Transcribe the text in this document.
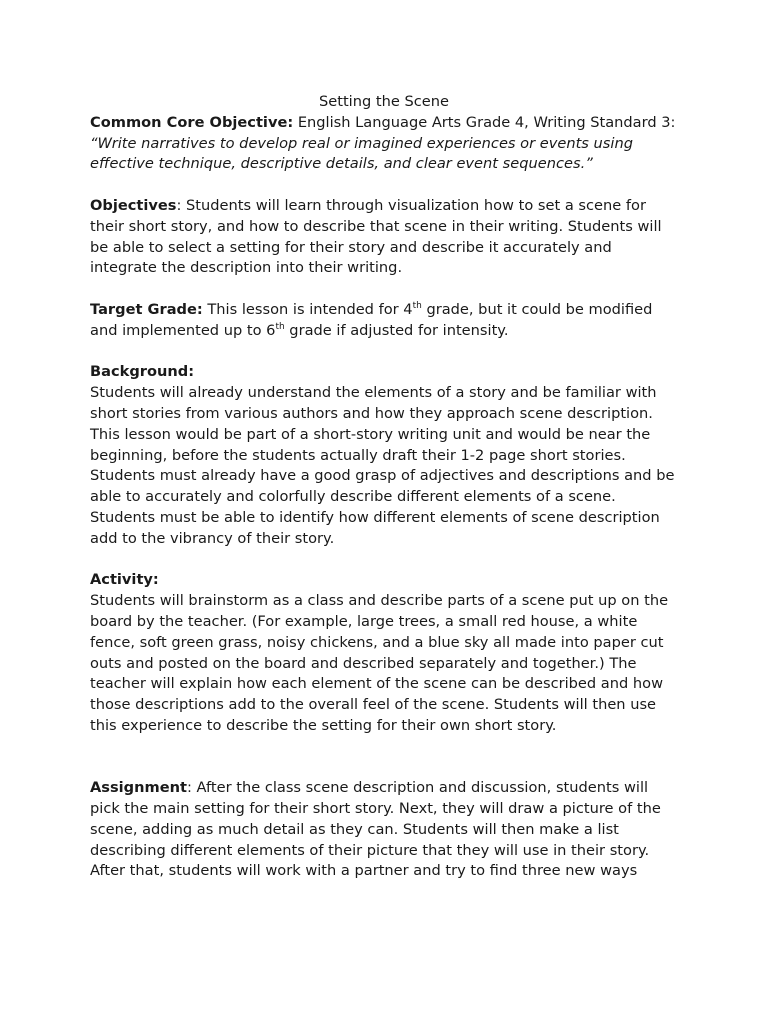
Setting the Scene

Common Core Objective: English Language Arts Grade 4, Writing Standard 3:

“Write narratives to develop real or imagined experiences or events using effective technique, descriptive details, and clear event sequences.”

Objectives: Students will learn through visualization how to set a scene for their short story, and how to describe that scene in their writing. Students will be able to select a setting for their story and describe it accurately and integrate the description into their writing.

Target Grade: This lesson is intended for 4th grade, but it could be modified and implemented up to 6th grade if adjusted for intensity.

Background:

Students will already understand the elements of a story and be familiar with short stories from various authors and how they approach scene description. This lesson would be part of a short-story writing unit and would be near the beginning, before the students actually draft their 1-2 page short stories. Students must already have a good grasp of adjectives and descriptions and be able to accurately and colorfully describe different elements of a scene. Students must be able to identify how different elements of scene description add to the vibrancy of their story.

Activity:

Students will brainstorm as a class and describe parts of a scene put up on the board by the teacher. (For example, large trees, a small red house, a white fence, soft green grass, noisy chickens, and a blue sky all made into paper cut outs and posted on the board and described separately and together.) The teacher will explain how each element of the scene can be described and how those descriptions add to the overall feel of the scene. Students will then use this experience to describe the setting for their own short story.

Assignment: After the class scene description and discussion, students will pick the main setting for their short story. Next, they will draw a picture of the scene, adding as much detail as they can. Students will then make a list describing different elements of their picture that they will use in their story. After that, students will work with a partner and try to find three new ways
